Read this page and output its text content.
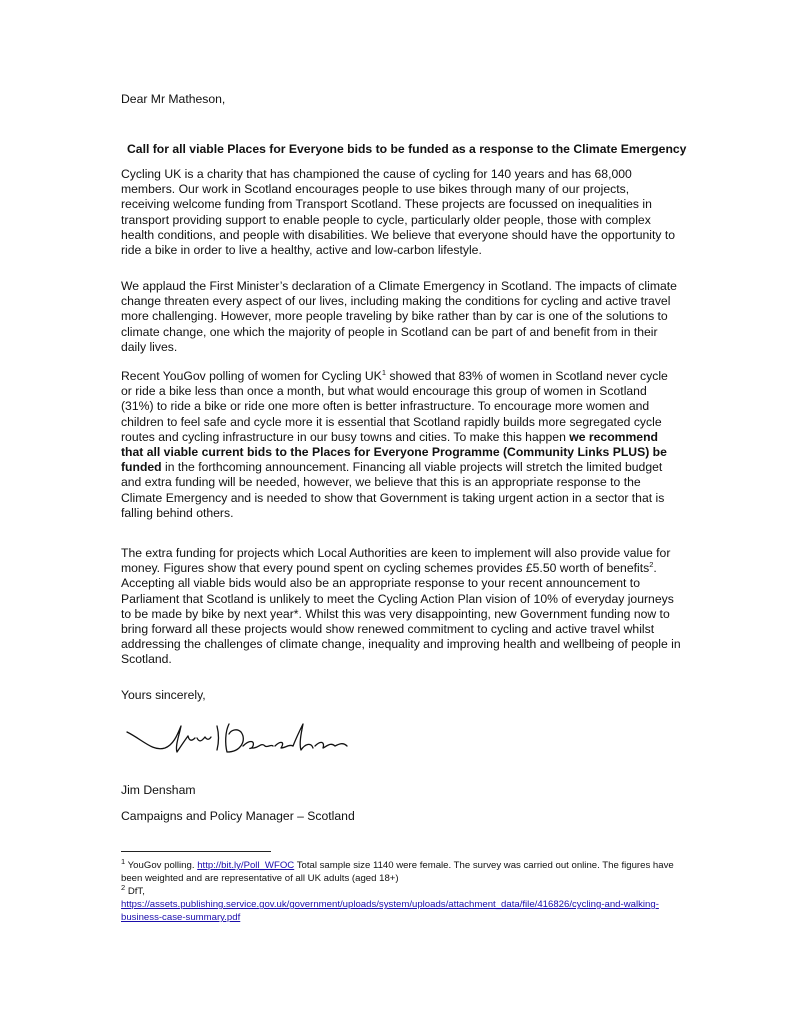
Dear Mr Matheson,

Call for all viable Places for Everyone bids to be funded as a response to the Climate Emergency

Cycling UK is a charity that has championed the cause of cycling for 140 years and has 68,000 members. Our work in Scotland encourages people to use bikes through many of our projects, receiving welcome funding from Transport Scotland. These projects are focussed on inequalities in transport providing support to enable people to cycle, particularly older people, those with complex health conditions, and people with disabilities. We believe that everyone should have the opportunity to ride a bike in order to live a healthy, active and low-carbon lifestyle.

We applaud the First Minister’s declaration of a Climate Emergency in Scotland. The impacts of climate change threaten every aspect of our lives, including making the conditions for cycling and active travel more challenging. However, more people traveling by bike rather than by car is one of the solutions to climate change, one which the majority of people in Scotland can be part of and benefit from in their daily lives.

Recent YouGov polling of women for Cycling $UK^1$ showed that 83% of women in Scotland never cycle or ride a bike less than once a month, but what would encourage this group of women in Scotland (31%) to ride a bike or ride one more often is better infrastructure. To encourage more women and children to feel safe and cycle more it is essential that Scotland rapidly builds more segregated cycle routes and cycling infrastructure in our busy towns and cities. To make this happen we recommend that all viable current bids to the Places for Everyone Programme (Community Links PLUS) be funded in the forthcoming announcement. Financing all viable projects will stretch the limited budget and extra funding will be needed, however, we believe that this is an appropriate response to the Climate Emergency and is needed to show that Government is taking urgent action in a sector that is falling behind others.

The extra funding for projects which Local Authorities are keen to implement will also provide value for money. Figures show that every pound spent on cycling schemes provides £5.50 worth of benefits$^2$. Accepting all viable bids would also be an appropriate response to your recent announcement to Parliament that Scotland is unlikely to meet the Cycling Action Plan vision of 10% of everyday journeys to be made by bike by next year*. Whilst this was very disappointing, new Government funding now to bring forward all these projects would show renewed commitment to cycling and active travel whilst addressing the challenges of climate change, inequality and improving health and wellbeing of people in Scotland.

Yours sincerely,

Jim Densham

Campaigns and Policy Manager – Scotland

$^1$ YouGov polling. http://bit.ly/Poll_WFOC Total sample size 1140 were female. The survey was carried out online. The figures have been weighted and are representative of all UK adults (aged 18+)

$^2$ DfT,
https://assets.publishing.service.gov.uk/government/uploads/system/uploads/attachment_data/file/416826/cycling-and-walking-business-case-summary.pdf
